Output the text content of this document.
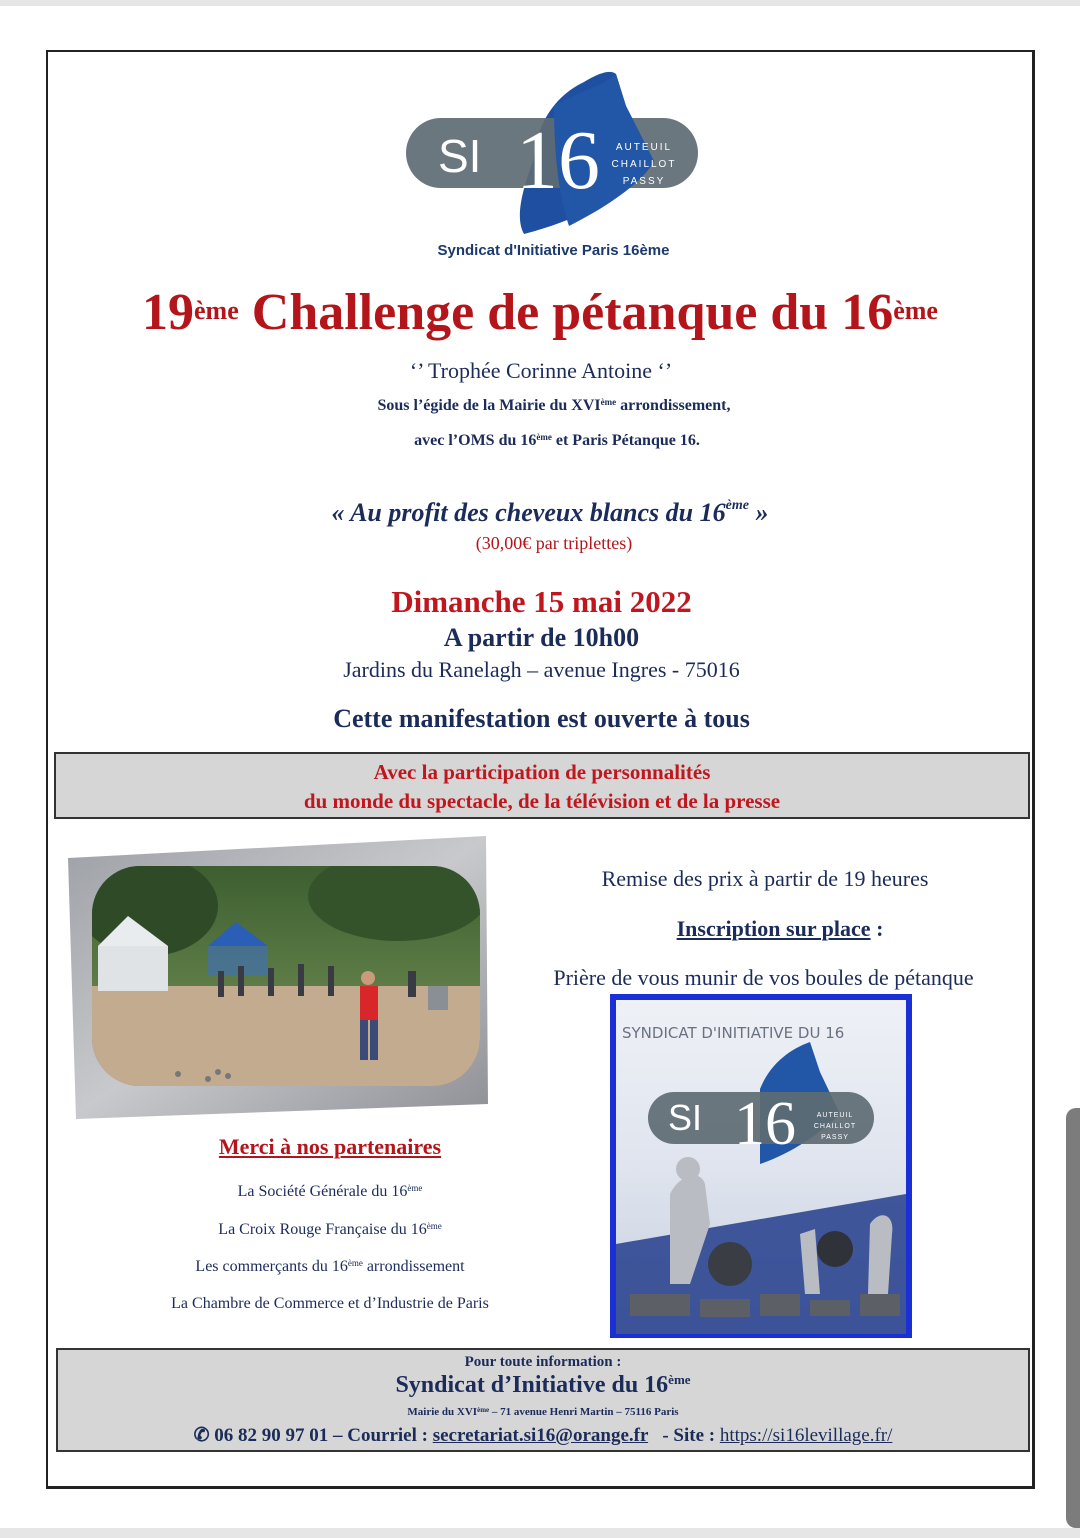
SI 16 AUTEUIL
CHAILLOT
PASSY
Syndicat d'Initiative Paris 16ème
19ème Challenge de pétanque du 16ème
‘’ Trophée Corinne Antoine ‘’
Sous l’égide de la Mairie du XVIème arrondissement,
avec l’OMS du 16ème et Paris Pétanque 16.
« Au profit des cheveux blancs du 16ème »
(30,00€ par triplettes)
Dimanche 15 mai 2022
A partir de 10h00
Jardins du Ranelagh – avenue Ingres - 75016
Cette manifestation est ouverte à tous
Avec la participation de personnalités
du monde du spectacle, de la télévision et de la presse
Remise des prix à partir de 19 heures
Inscription sur place :
Prière de vous munir de vos boules de pétanque
Merci à nos partenaires
La Société Générale du 16ème
La Croix Rouge Française du 16ème
Les commerçants du 16ème arrondissement
La Chambre de Commerce et d’Industrie de Paris
SYNDICAT D'INITIATIVE DU 16
SI 16	AUTEUIL
CHAILLOT
PASSY
Pour toute information :
Syndicat d’Initiative du 16ème
Mairie du XVIème – 71 avenue Henri Martin – 75116 Paris
✆ 06 82 90 97 01 – Courriel : secretariat.si16@orange.fr   - Site : https://si16levillage.fr/
